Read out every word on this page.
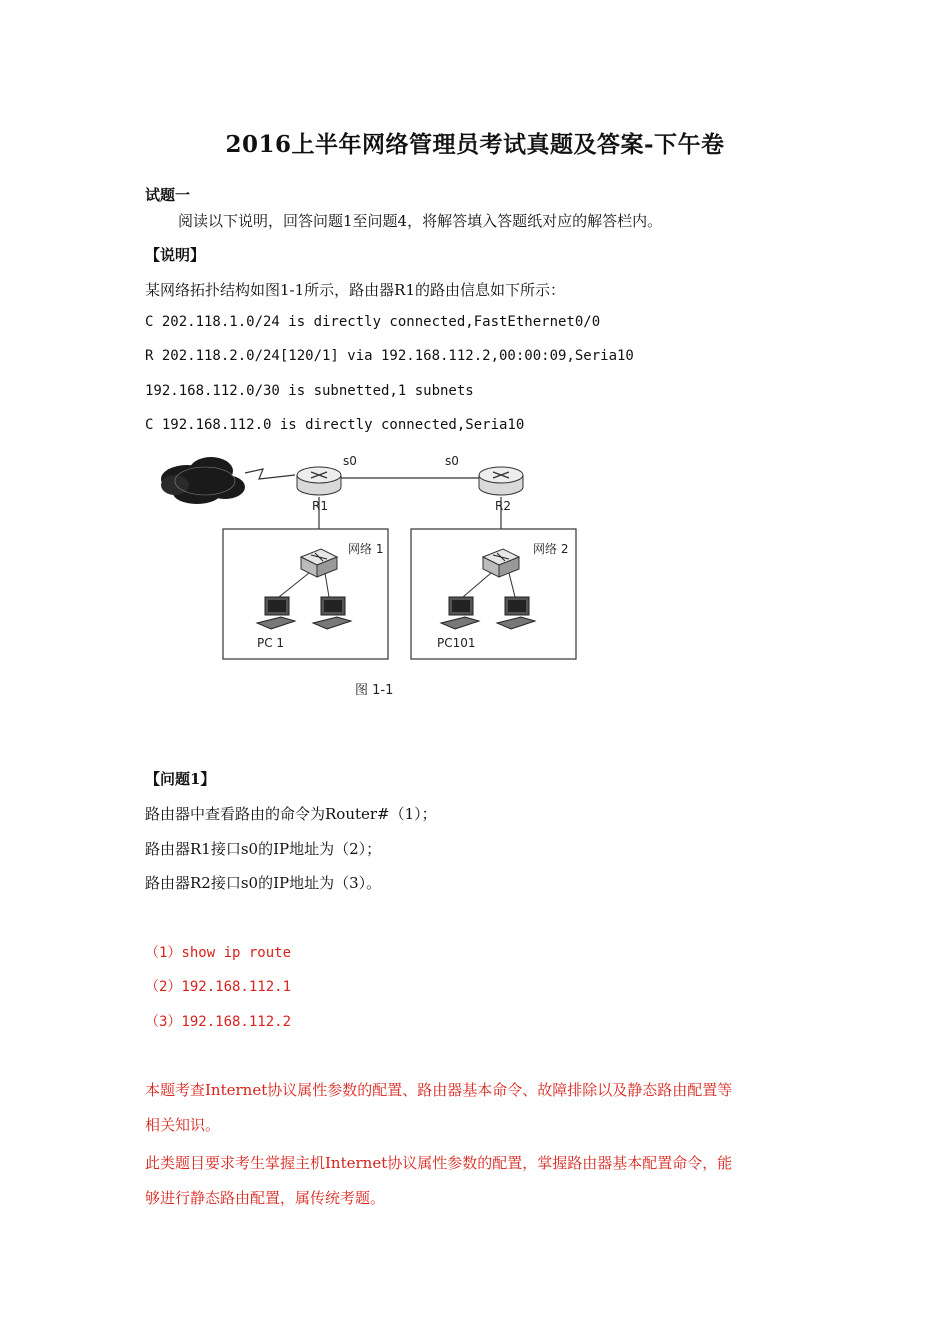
2016上半年网络管理员考试真题及答案-下午卷
试题一
阅读以下说明，回答问题1至问题4，将解答填入答题纸对应的解答栏内。
【说明】
某网络拓扑结构如图1-1所示，路由器R1的路由信息如下所示：
C 202.118.1.0/24 is directly connected,FastEthernet0/0
R 202.118.2.0/24[120/1] via 192.168.112.2,00:00:09,Seria10
192.168.112.0/30 is subnetted,1 subnets
C 192.168.112.0 is directly connected,Seria10
s0	s0
R1	R2
网络 1	网络 2
PC 1	PC101
图 1-1
【问题1】
路由器中查看路由的命令为Router#（1）；
路由器R1接口s0的IP地址为（2）；
路由器R2接口s0的IP地址为（3）。
（1）show ip route
（2）192.168.112.1
（3）192.168.112.2
本题考查Internet协议属性参数的配置、路由器基本命令、故障排除以及静态路由配置等
相关知识。
此类题目要求考生掌握主机Internet协议属性参数的配置，掌握路由器基本配置命令，能
够进行静态路由配置，属传统考题。
